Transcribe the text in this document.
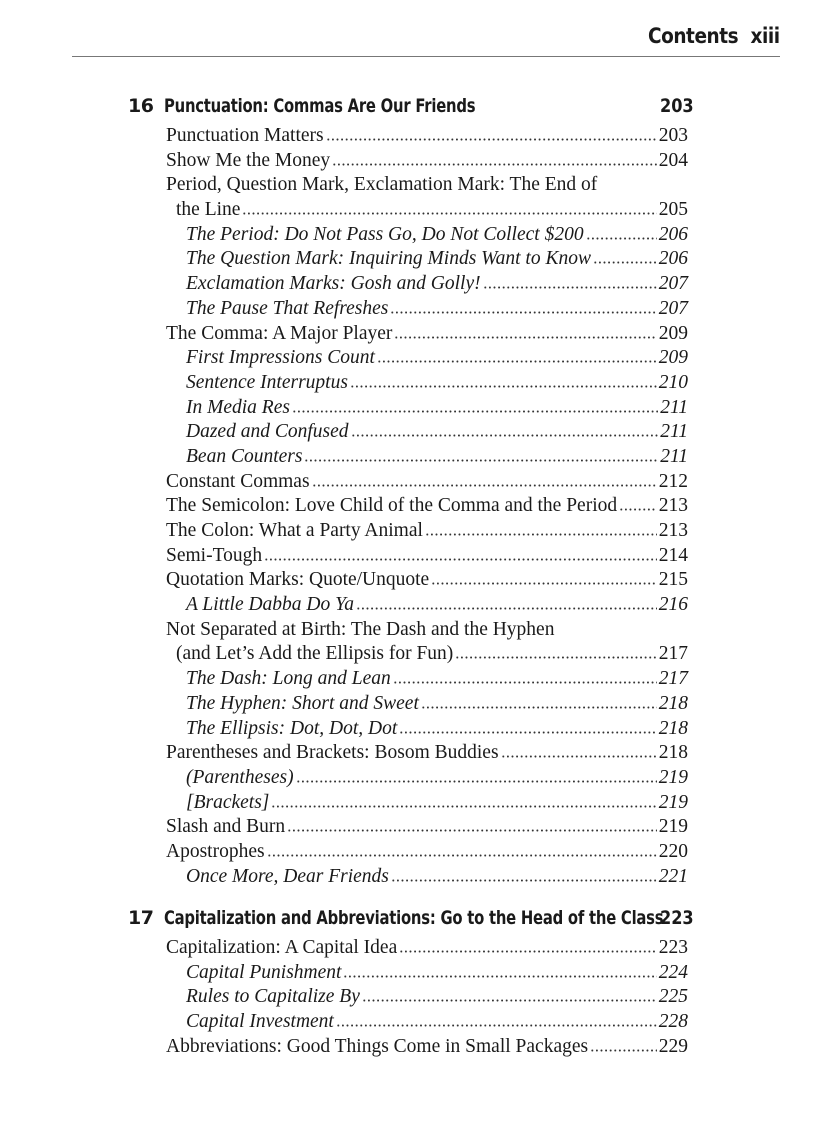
Contents xiii
16 Punctuation: Commas Are Our Friends	203
Punctuation Matters	203
Show Me the Money	204
Period, Question Mark, Exclamation Mark: The End of
the Line	205
The Period: Do Not Pass Go, Do Not Collect $200	206
The Question Mark: Inquiring Minds Want to Know	206
Exclamation Marks: Gosh and Golly!	207
The Pause That Refreshes	207
The Comma: A Major Player	209
First Impressions Count	209
Sentence Interruptus	210
In Media Res	211
Dazed and Confused	211
Bean Counters	211
Constant Commas	212
The Semicolon: Love Child of the Comma and the Period 213
The Colon: What a Party Animal	213
Semi-Tough	214
Quotation Marks: Quote/Unquote	215
A Little Dabba Do Ya	216
Not Separated at Birth: The Dash and the Hyphen
(and Let’s Add the Ellipsis for Fun)	217
The Dash: Long and Lean	217
The Hyphen: Short and Sweet	218
The Ellipsis: Dot, Dot, Dot	218
Parentheses and Brackets: Bosom Buddies	218
(Parentheses)	219
[Brackets]	219
Slash and Burn	219
Apostrophes	220
Once More, Dear Friends	221
17 Capitalization and Abbreviations: Go to the Head of the Class
223
Capitalization: A Capital Idea	223
Capital Punishment	224
Rules to Capitalize By	225
Capital Investment	228
Abbreviations: Good Things Come in Small Packages	229
